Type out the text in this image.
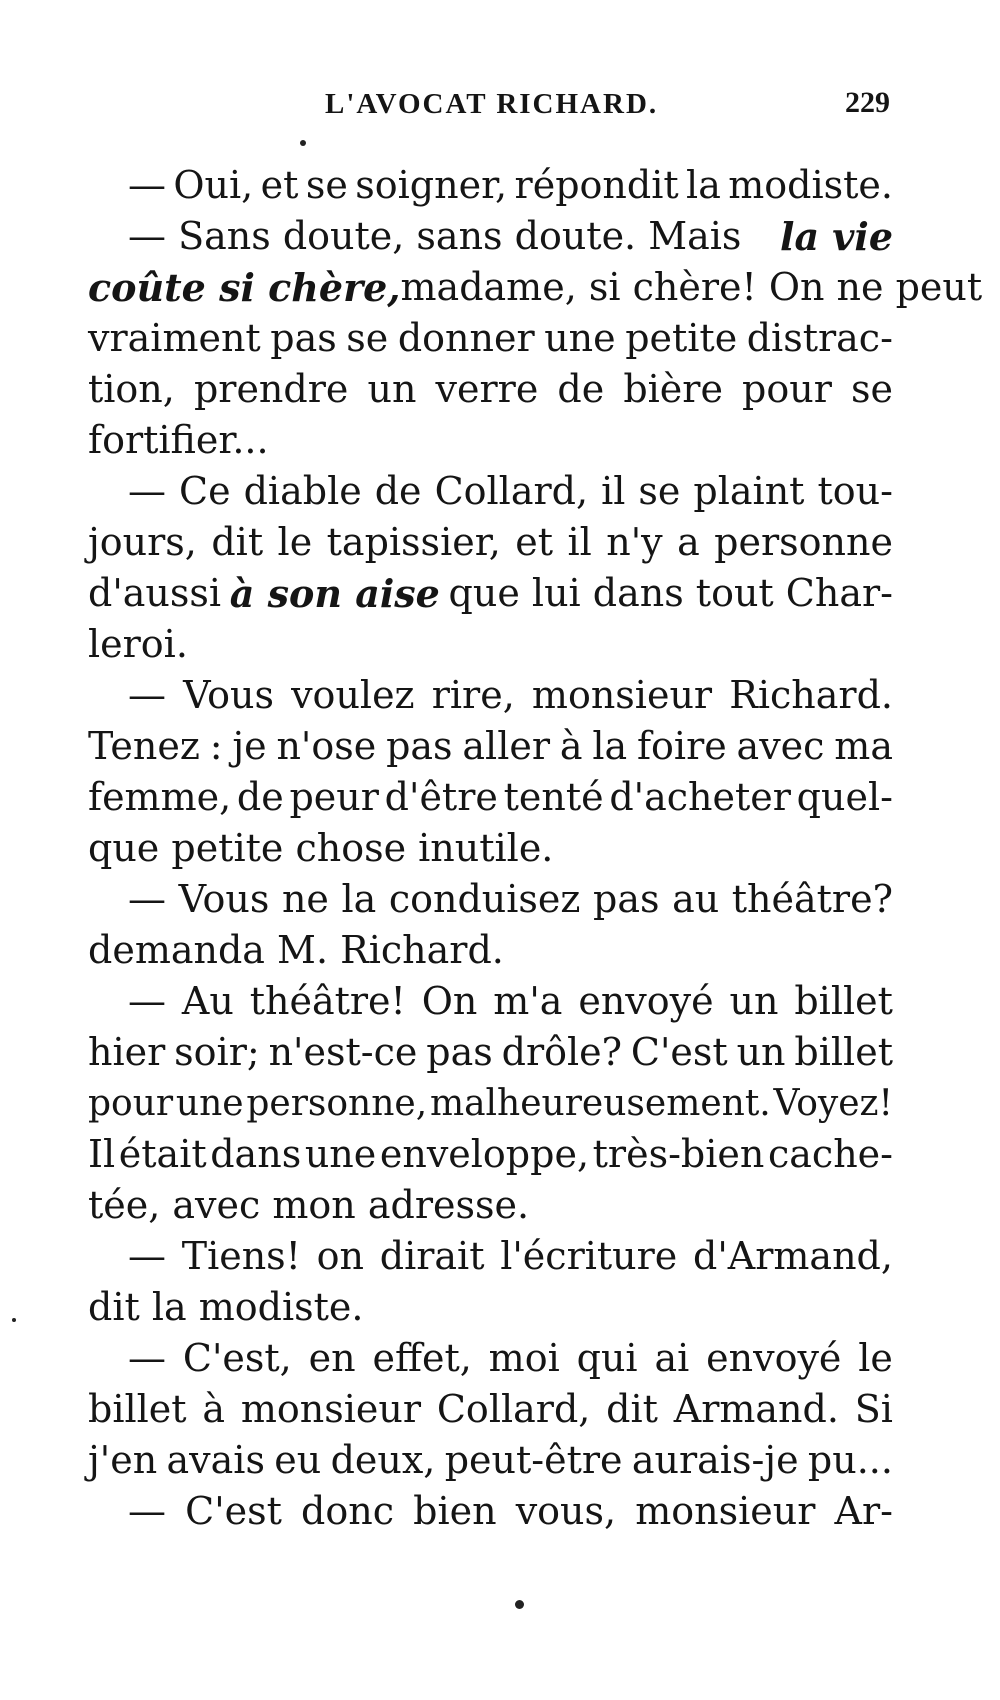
L'AVOCAT RICHARD.	229
— Oui, et se soigner, répondit la modiste.
— Sans doute, sans doute. Mais la vie
coûte si chère, madame, si chère! On ne peut
vraiment pas se donner une petite distrac-
tion, prendre un verre de bière pour se
fortifier...
— Ce diable de Collard, il se plaint tou-
jours, dit le tapissier, et il n'y a personne
d'aussi à son aise que lui dans tout Char-
leroi.
— Vous voulez rire, monsieur Richard.
Tenez : je n'ose pas aller à la foire avec ma
femme, de peur d'être tenté d'acheter quel-
que petite chose inutile.
— Vous ne la conduisez pas au théâtre?
demanda M. Richard.
— Au théâtre! On m'a envoyé un billet
hier soir; n'est-ce pas drôle? C'est un billet
pour une personne, malheureusement. Voyez!
Il était dans une enveloppe, très-bien cache-
tée, avec mon adresse.
— Tiens! on dirait l'écriture d'Armand,
dit la modiste.
— C'est, en effet, moi qui ai envoyé le
billet à monsieur Collard, dit Armand. Si
j'en avais eu deux, peut-être aurais-je pu...
— C'est donc bien vous, monsieur Ar-
